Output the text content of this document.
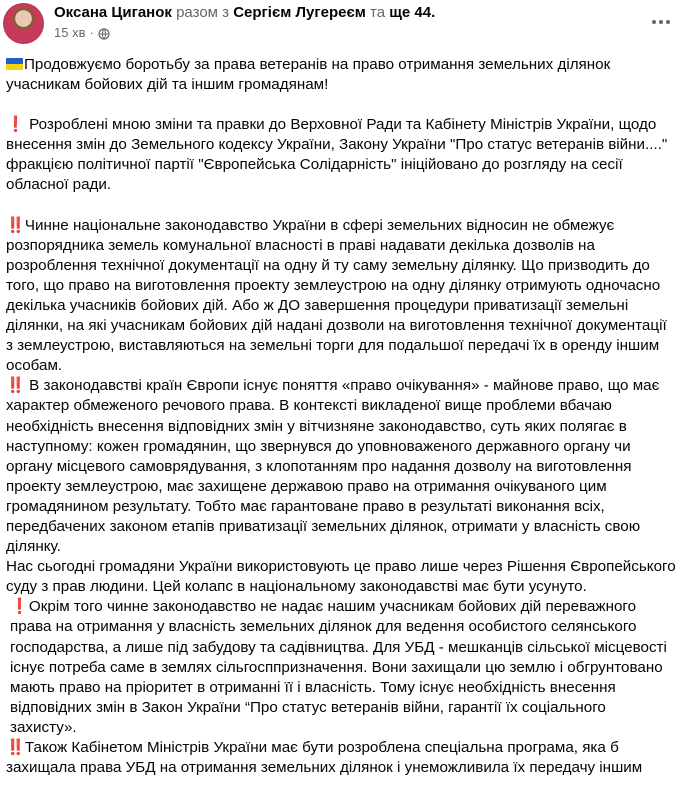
Оксана Циганок разом з Сергієм Лугереєм та ще 44.
15 хв ·

Продовжуємо боротьбу за права ветеранів на право отримання земельних ділянок учасникам бойових дій та іншим громадянам!

❗ Розроблені мною зміни та правки до Верховної Ради та Кабінету Міністрів України, щодо внесення змін до Земельного кодексу України, Закону України "Про статус ветеранів війни...." фракцією політичної партії "Європейська Солідарність" ініційовано до розгляду на сесії обласної ради.

‼️Чинне національне законодавство України в сфері земельних відносин не обмежує розпорядника земель комунальної власності в праві надавати декілька дозволів на розроблення технічної документації на одну й ту саму земельну ділянку. Що призводить до того, що право на виготовлення проекту землеустрою на одну ділянку отримують одночасно декілька учасників бойових дій. Або ж ДО завершення процедури приватизації земельні ділянки, на які учасникам бойових дій надані дозволи на виготовлення технічної документації з землеустрою, виставляються на земельні торги для подальшої передачі їх в оренду іншим особам.

‼️ В законодавстві країн Європи існує поняття «право очікування» - майнове право, що має характер обмеженого речового права. В контексті викладеної вище проблеми вбачаю необхідність внесення відповідних змін у вітчизняне законодавство, суть яких полягає в наступному: кожен громадянин, що звернувся до уповноваженого державного органу чи органу місцевого самоврядування, з клопотанням про надання дозволу на виготовлення проекту землеустрою, має захищене державою право на отримання очікуваного цим громадянином результату. Тобто має гарантоване право в результаті виконання всіх, передбачених законом етапів приватизації земельних ділянок, отримати у власність свою ділянку.

Нас сьогодні громадяни України використовують це право лише через Рішення Європейського суду з прав людини. Цей колапс в національному законодавстві має бути усунуто.

❗Окрім того чинне законодавство не надає нашим учасникам бойових дій переважного права на отримання у власність земельних ділянок для ведення особистого селянського господарства, а лише під забудову та садівництва. Для УБД - мешканців сільської місцевості існує потреба саме в землях сільгосппризначення. Вони захищали цю землю і обгрунтовано мають право на пріоритет в отриманні її і власність. Тому існує необхідність внесення відповідних змін в Закон України “Про статус ветеранів війни, гарантії їх соціального захисту».

‼️Також Кабінетом Міністрів України має бути розроблена спеціальна програма, яка б захищала права УБД на отримання земельних ділянок і унеможливила їх передачу іншим
